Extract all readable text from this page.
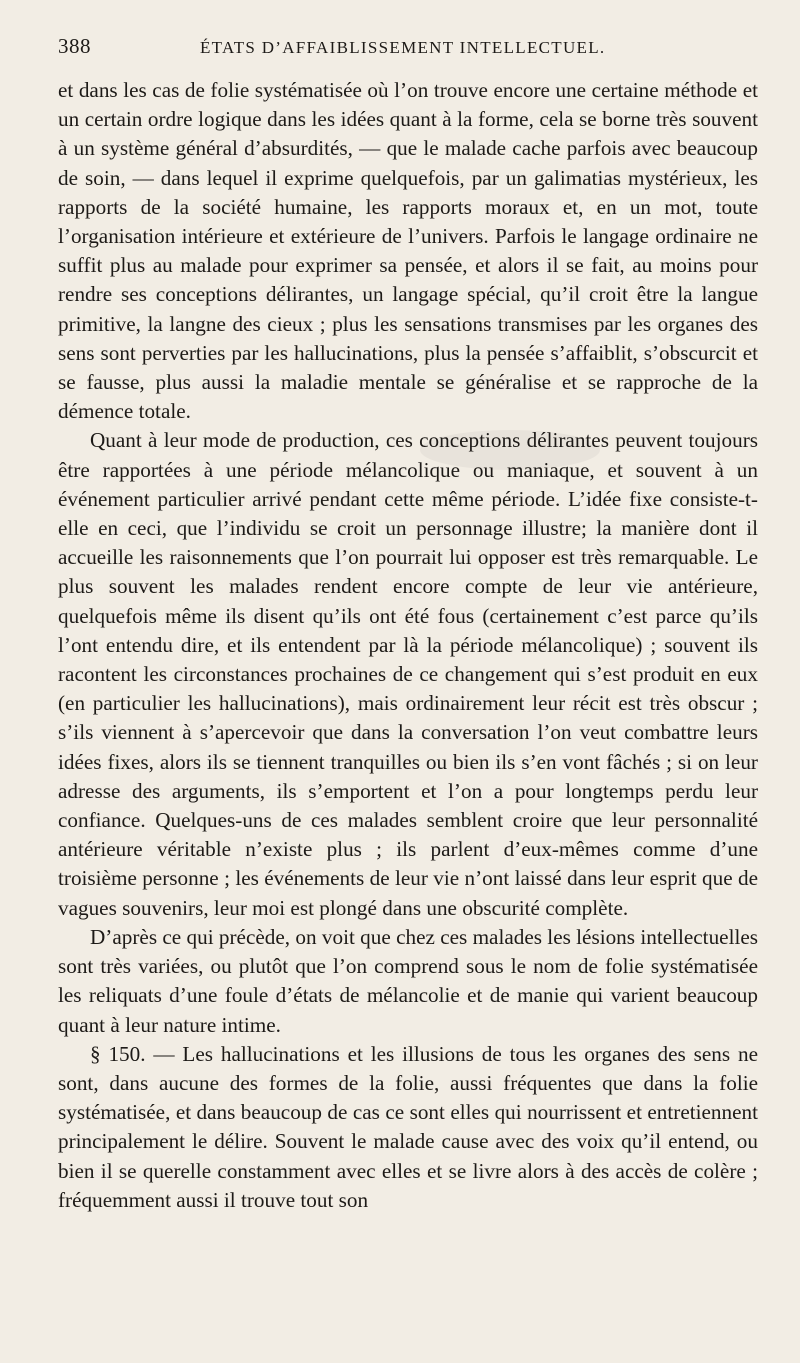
388	ÉTATS D’AFFAIBLISSEMENT INTELLECTUEL.

et dans les cas de folie systématisée où l’on trouve encore une certaine méthode et un certain ordre logique dans les idées quant à la forme, cela se borne très souvent à un système général d’absurdités, — que le malade cache parfois avec beaucoup de soin, — dans lequel il exprime quelquefois, par un galimatias mystérieux, les rapports de la société humaine, les rapports moraux et, en un mot, toute l’organisation intérieure et extérieure de l’univers. Parfois le langage ordinaire ne suffit plus au malade pour exprimer sa pensée, et alors il se fait, au moins pour rendre ses conceptions délirantes, un langage spécial, qu’il croit être la langue primitive, la langne des cieux ; plus les sensations transmises par les organes des sens sont perverties par les hallucinations, plus la pensée s’affaiblit, s’obscurcit et se fausse, plus aussi la maladie mentale se généralise et se rapproche de la démence totale.

Quant à leur mode de production, ces conceptions délirantes peuvent toujours être rapportées à une période mélancolique ou maniaque, et souvent à un événement particulier arrivé pendant cette même période. L’idée fixe consiste-t-elle en ceci, que l’individu se croit un personnage illustre; la manière dont il accueille les raisonnements que l’on pourrait lui opposer est très remarquable. Le plus souvent les malades rendent encore compte de leur vie antérieure, quelquefois même ils disent qu’ils ont été fous (certainement c’est parce qu’ils l’ont entendu dire, et ils entendent par là la période mélancolique) ; souvent ils racontent les circonstances prochaines de ce changement qui s’est produit en eux (en particulier les hallucinations), mais ordinairement leur récit est très obscur ; s’ils viennent à s’apercevoir que dans la conversation l’on veut combattre leurs idées fixes, alors ils se tiennent tranquilles ou bien ils s’en vont fâchés ; si on leur adresse des arguments, ils s’emportent et l’on a pour longtemps perdu leur confiance. Quelques-uns de ces malades semblent croire que leur personnalité antérieure véritable n’existe plus ; ils parlent d’eux-mêmes comme d’une troisième personne ; les événements de leur vie n’ont laissé dans leur esprit que de vagues souvenirs, leur moi est plongé dans une obscurité complète.

D’après ce qui précède, on voit que chez ces malades les lésions intellectuelles sont très variées, ou plutôt que l’on comprend sous le nom de folie systématisée les reliquats d’une foule d’états de mélancolie et de manie qui varient beaucoup quant à leur nature intime.

§ 150. — Les hallucinations et les illusions de tous les organes des sens ne sont, dans aucune des formes de la folie, aussi fréquentes que dans la folie systématisée, et dans beaucoup de cas ce sont elles qui nourrissent et entretiennent principalement le délire. Souvent le malade cause avec des voix qu’il entend, ou bien il se querelle constamment avec elles et se livre alors à des accès de colère ; fréquemment aussi il trouve tout son
